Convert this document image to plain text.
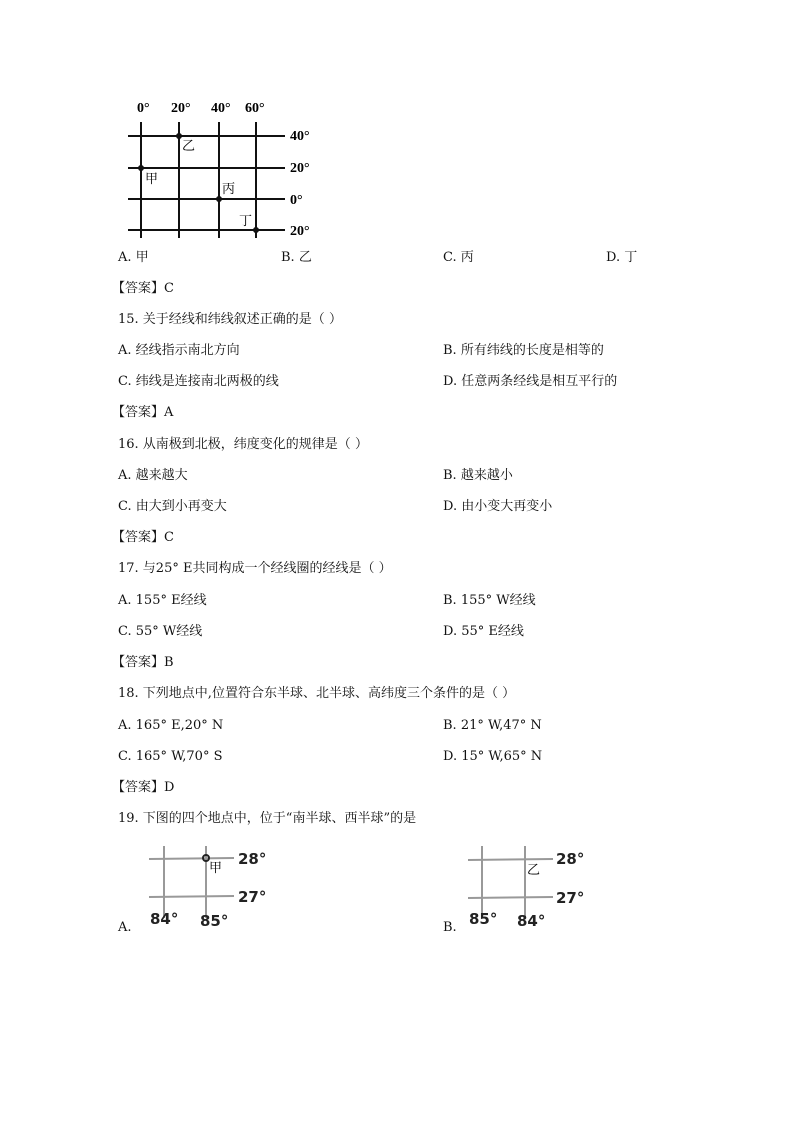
0° 20° 40° 60°
40°
20°
0°
20°
甲
乙
丙
丁
28°
27°
84° 85°
甲
28°
27°
85° 84°
乙
A. 甲	B. 乙	C. 丙	D. 丁
【答案】C
15. 关于经线和纬线叙述正确的是（ ）
A. 经线指示南北方向	B. 所有纬线的长度是相等的
C. 纬线是连接南北两极的线	D. 任意两条经线是相互平行的
【答案】A
16. 从南极到北极，纬度变化的规律是（ ）
A. 越来越大	B. 越来越小
C. 由大到小再变大	D. 由小变大再变小
【答案】C
17. 与25° E共同构成一个经线圈的经线是（ ）
A. 155° E经线	B. 155° W经线
C. 55° W经线	D. 55° E经线
【答案】B
18. 下列地点中,位置符合东半球、北半球、高纬度三个条件的是（ ）
A. 165° E,20° N	B. 21° W,47° N
C. 165° W,70° S	D. 15° W,65° N
【答案】D
19. 下图的四个地点中，位于“南半球、西半球”的是
A.	B.
